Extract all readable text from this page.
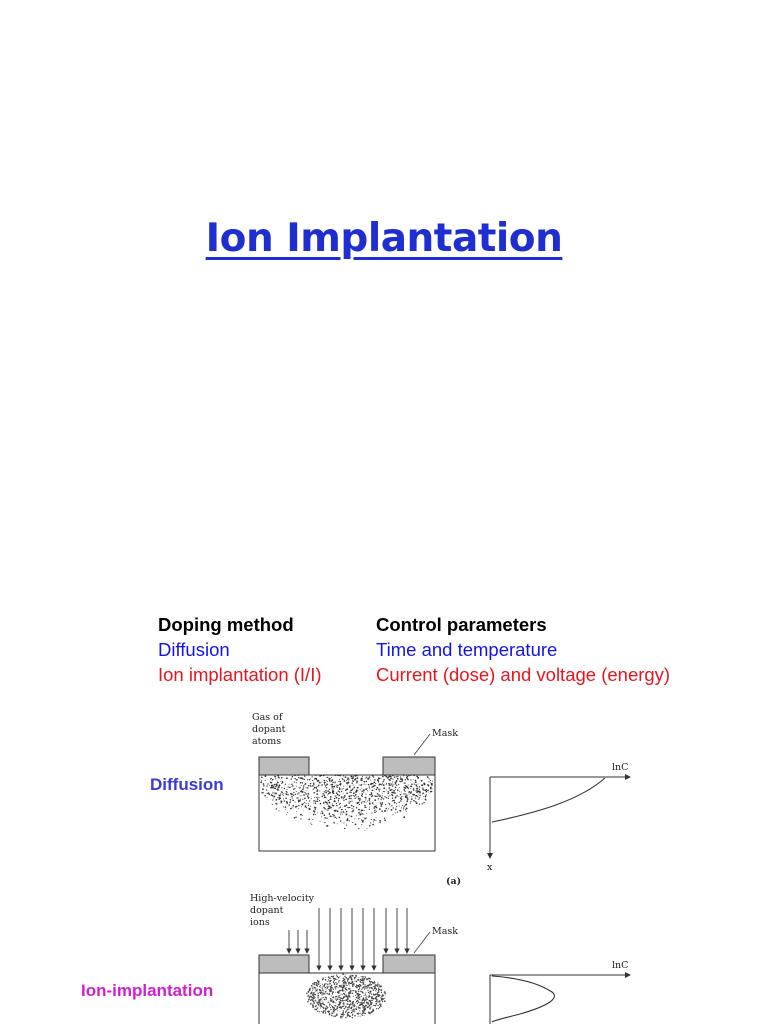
Ion Implantation
Doping method	Control parameters
Diffusion	Time and temperature
Ion implantation (I/I)	Current (dose) and voltage (energy)
Diffusion
Ion-implantation
Gas of
dopant
atoms
Mask
lnC
x
(a)
High-velocity
dopant
ions
Mask
lnC
